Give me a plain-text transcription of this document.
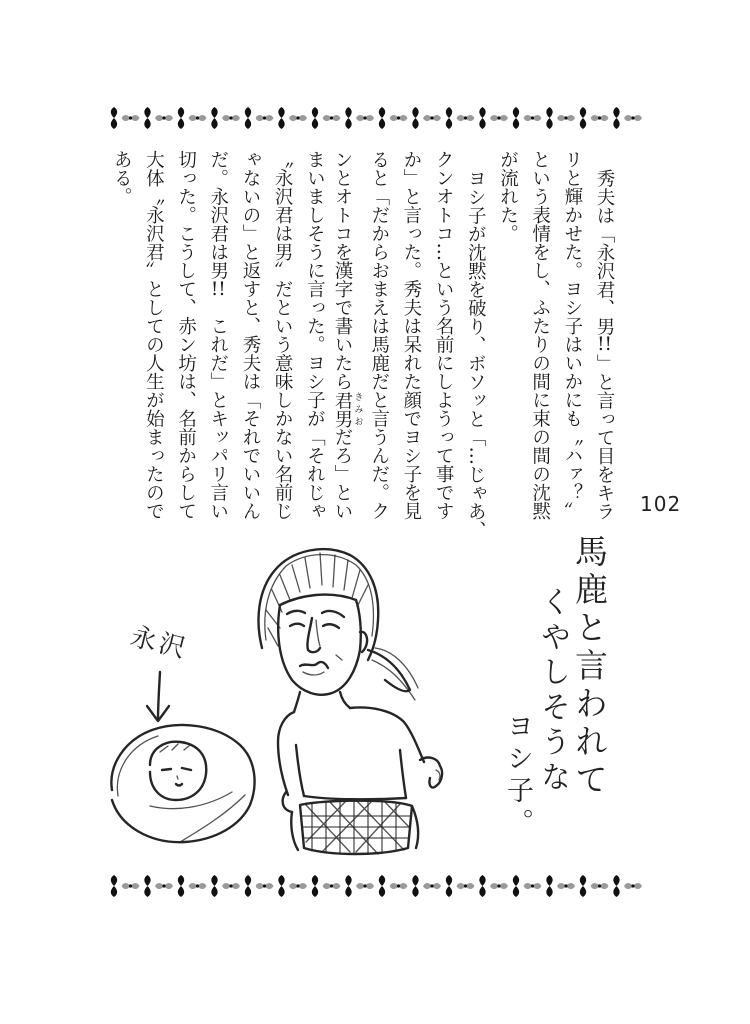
秀夫は「永沢君、男!!」と言って目をキラ
リと輝かせた。ヨシ子はいかにも〝ハァ？〟
という表情をし、ふたりの間に束の間の沈黙
が流れた。
ヨシ子が沈黙を破り、ボソッと「…じゃあ、
クンオトコ…という名前にしようって事です
か」と言った。秀夫は呆れた顔でヨシ子を見
ると「だからおまえは馬鹿だと言うんだ。ク
ンとオトコを漢字で書いたら君男 きみおだろ」とい
まいましそうに言った。ヨシ子が「それじゃ
〝永沢君は男〟だという意味しかない名前じ
ゃないの」と返すと、秀夫は「それでいいん
だ。永沢君は男!!これだ」とキッパリ言い
切った。こうして、赤ン坊は、名前からして
大体〝永沢君〟としての人生が始まったので
ある。
102
馬鹿と言われて
くやしそうな
ヨシ子。
永沢
